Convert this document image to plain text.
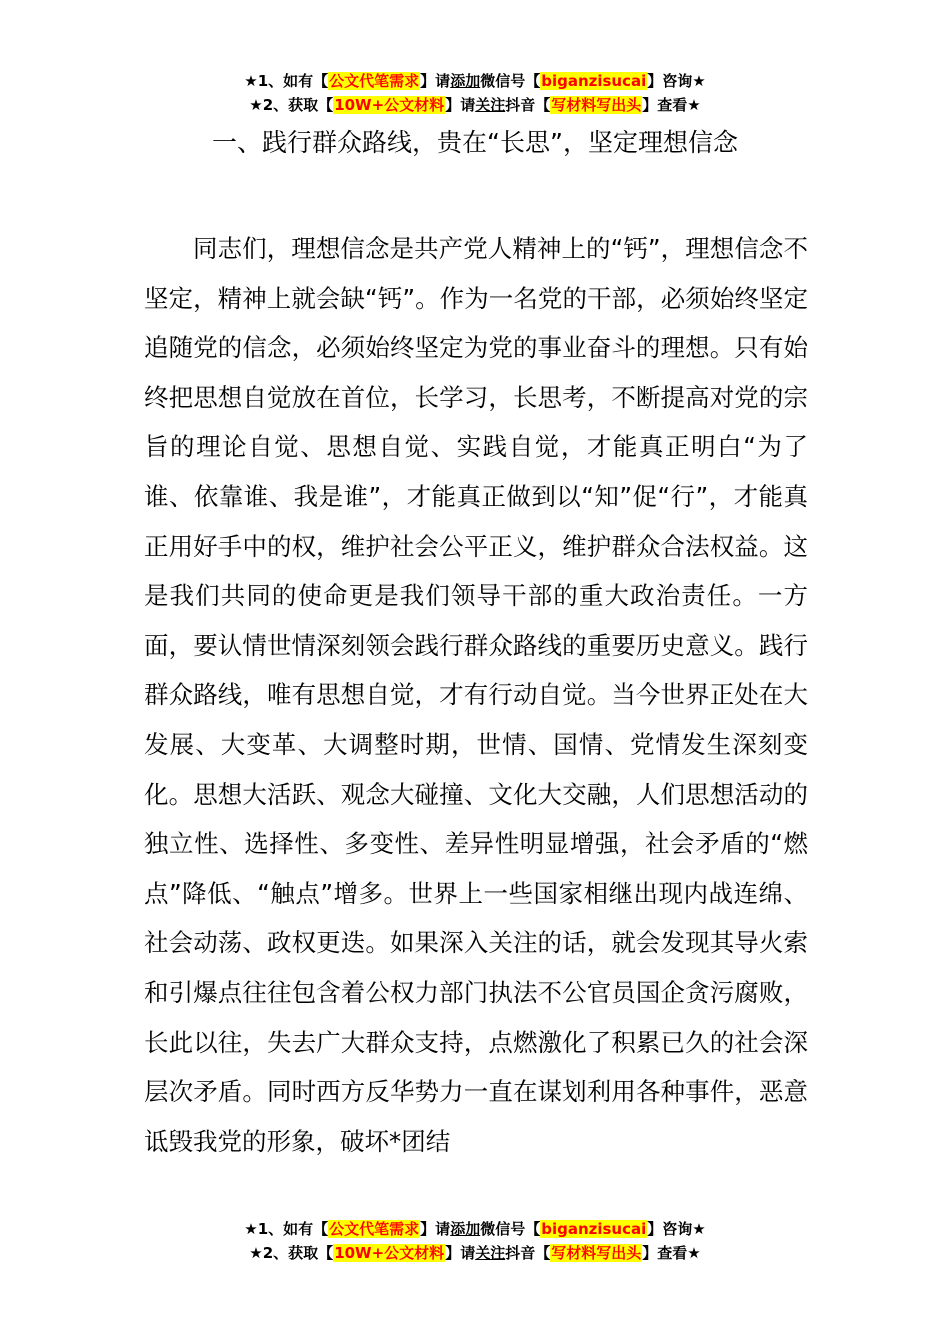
★1、如有【公文代笔需求】请添加微信号【biganzisucai】咨询★
★2、获取【10W+公文材料】请关注抖音【写材料写出头】查看★
一、践行群众路线，贵在“长思”，坚定理想信念

同志们，理想信念是共产党人精神上的“钙”，理想信念不坚定，精神上就会缺“钙”。作为一名党的干部，必须始终坚定追随党的信念，必须始终坚定为党的事业奋斗的理想。只有始终把思想自觉放在首位，长学习，长思考，不断提高对党的宗旨的理论自觉、思想自觉、实践自觉，才能真正明白“为了谁、依靠谁、我是谁”，才能真正做到以“知”促“行”，才能真正用好手中的权，维护社会公平正义，维护群众合法权益。这是我们共同的使命更是我们领导干部的重大政治责任。一方面，要认情世情深刻领会践行群众路线的重要历史意义。践行群众路线，唯有思想自觉，才有行动自觉。当今世界正处在大发展、大变革、大调整时期，世情、国情、党情发生深刻变化。思想大活跃、观念大碰撞、文化大交融，人们思想活动的独立性、选择性、多变性、差异性明显增强，社会矛盾的“燃点”降低、“触点”增多。世界上一些国家相继出现内战连绵、社会动荡、政权更迭。如果深入关注的话，就会发现其导火索和引爆点往往包含着公权力部门执法不公官员国企贪污腐败，长此以往，失去广大群众支持，点燃激化了积累已久的社会深层次矛盾。同时西方反华势力一直在谋划利用各种事件，恶意诋毁我党的形象，破坏*团结

★1、如有【公文代笔需求】请添加微信号【biganzisucai】咨询★
★2、获取【10W+公文材料】请关注抖音【写材料写出头】查看★
